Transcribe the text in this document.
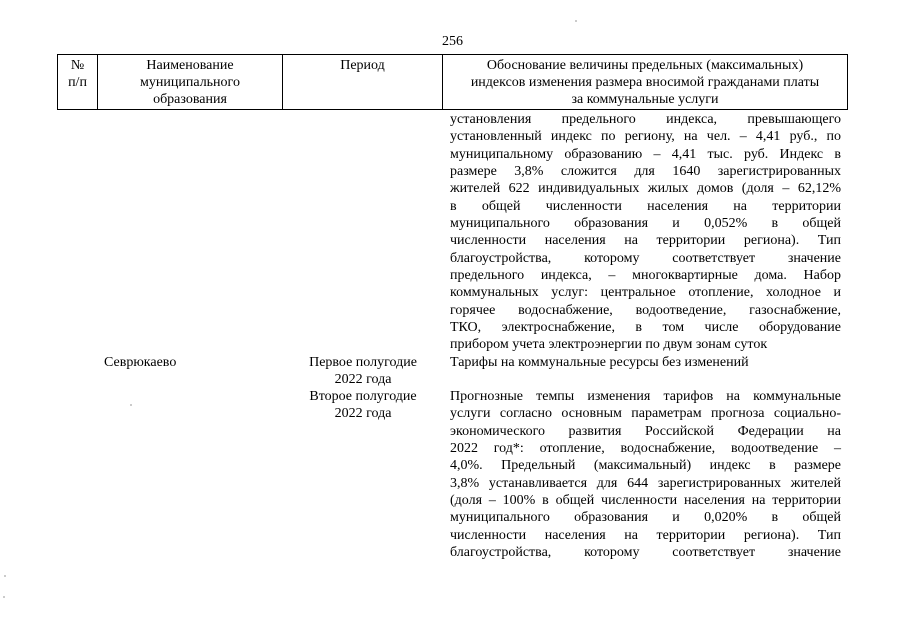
256
№
п/п
Наименование
муниципального
образования
Период	Обоснование величины предельных (максимальных)
индексов изменения размера вносимой гражданами платы
за коммунальные услуги
установления предельного индекса, превышающего
установленный индекс по региону, на чел. – 4,41 руб., по
муниципальному образованию – 4,41 тыс. руб. Индекс в
размере 3,8% сложится для 1640 зарегистрированных
жителей 622 индивидуальных жилых домов (доля – 62,12%
в общей численности населения на территории
муниципального образования и 0,052% в общей
численности населения на территории региона). Тип
благоустройства, которому соответствует значение
предельного индекса, – многоквартирные дома. Набор
коммунальных услуг: центральное отопление, холодное и
горячее водоснабжение, водоотведение, газоснабжение,
ТКО, электроснабжение, в том числе оборудование
прибором учета электроэнергии по двум зонам суток
Севрюкаево	Первое полугодие
2022 года
Второе полугодие
2022 года
Тарифы на коммунальные ресурсы без изменений
Прогнозные темпы изменения тарифов на коммунальные
услуги согласно основным параметрам прогноза социально-
экономического развития Российской Федерации на
2022 год*: отопление, водоснабжение, водоотведение –
4,0%. Предельный (максимальный) индекс в размере
3,8% устанавливается для 644 зарегистрированных жителей
(доля – 100% в общей численности населения на территории
муниципального образования и 0,020% в общей
численности населения на территории региона). Тип
благоустройства, которому соответствует значение
